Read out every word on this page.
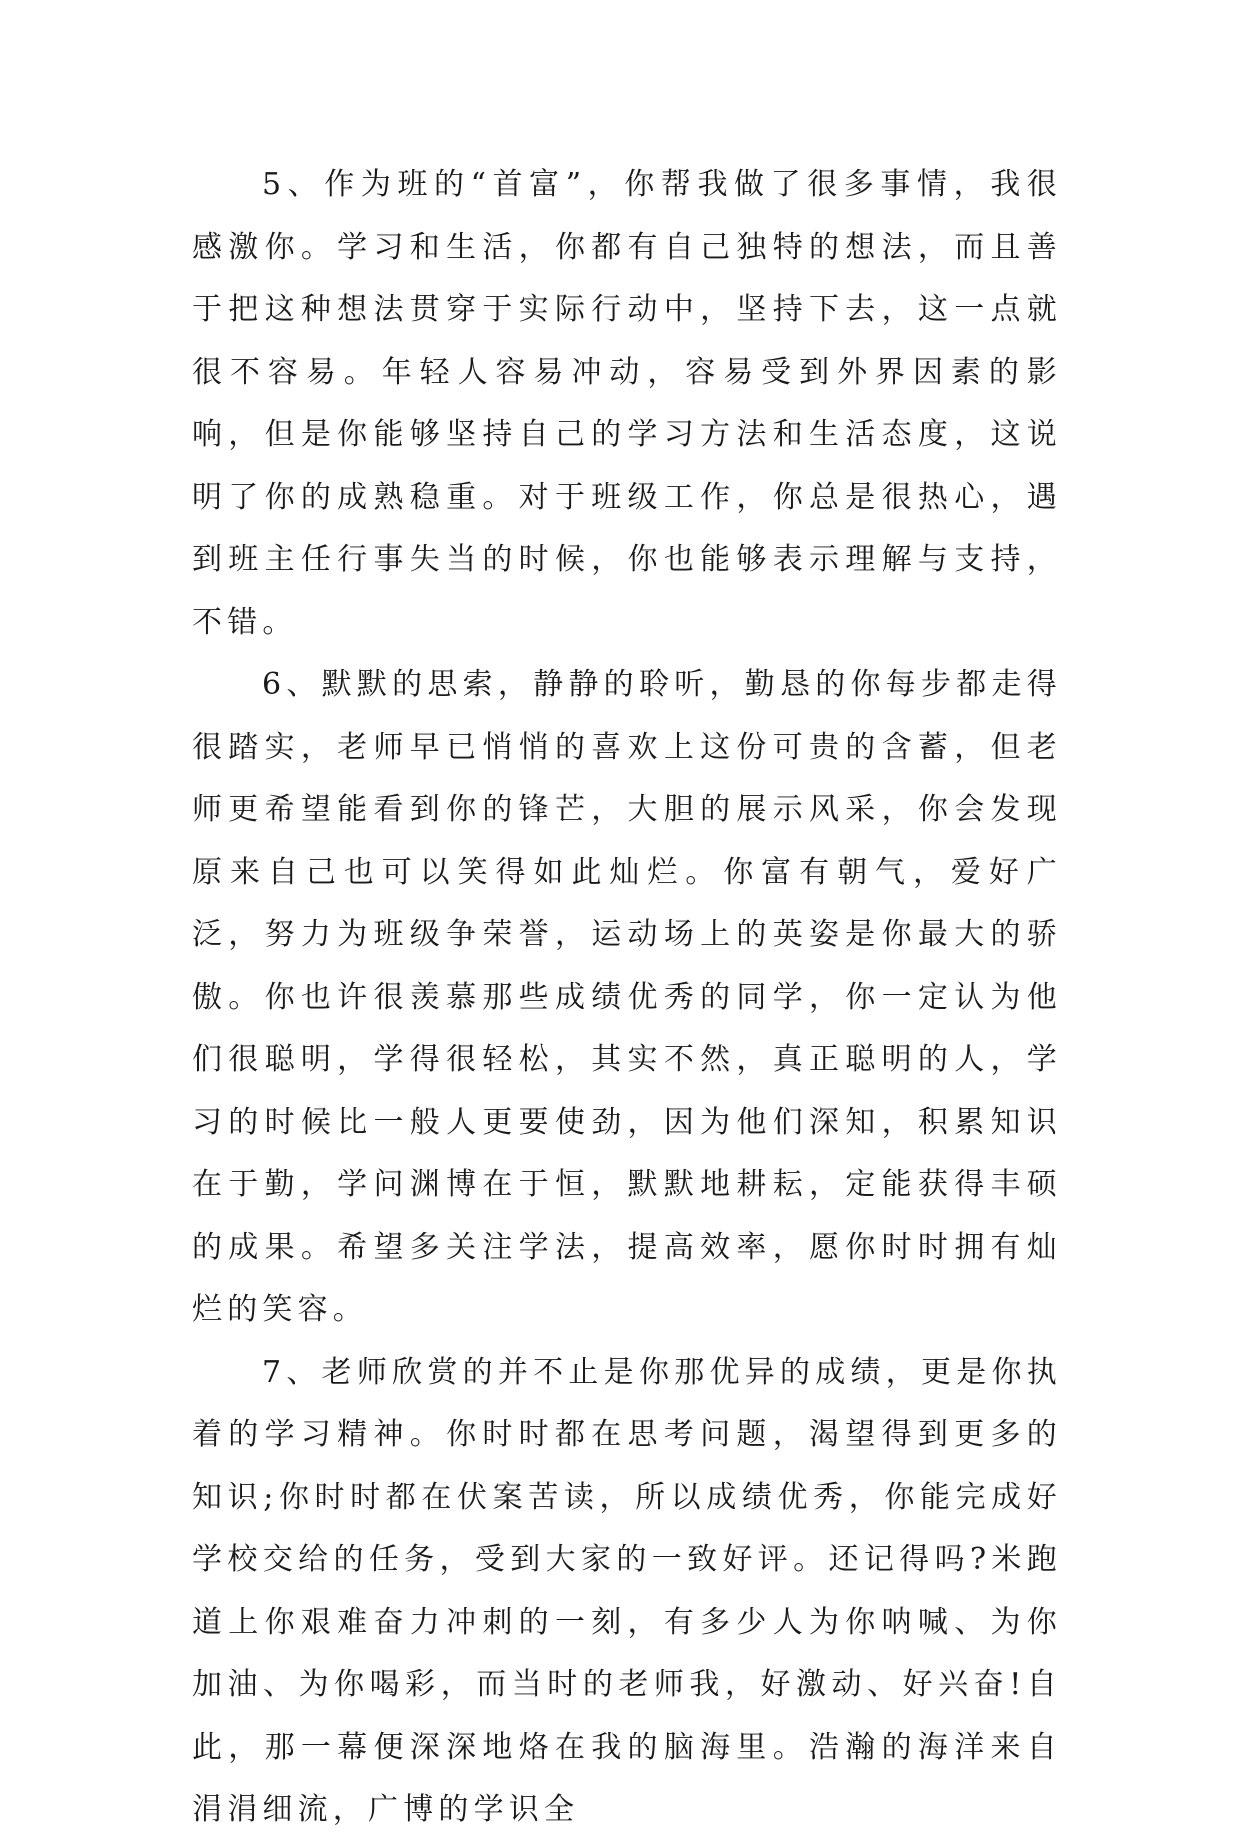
5、作为班的“首富”，你帮我做了很多事情，我很感激你。学习和生活，你都有自己独特的想法，而且善于把这种想法贯穿于实际行动中，坚持下去，这一点就很不容易。年轻人容易冲动，容易受到外界因素的影响，但是你能够坚持自己的学习方法和生活态度，这说明了你的成熟稳重。对于班级工作，你总是很热心，遇到班主任行事失当的时候，你也能够表示理解与支持，不错。

6、默默的思索，静静的聆听，勤恳的你每步都走得很踏实，老师早已悄悄的喜欢上这份可贵的含蓄，但老师更希望能看到你的锋芒，大胆的展示风采，你会发现原来自己也可以笑得如此灿烂。你富有朝气，爱好广泛，努力为班级争荣誉，运动场上的英姿是你最大的骄傲。你也许很羡慕那些成绩优秀的同学，你一定认为他们很聪明，学得很轻松，其实不然，真正聪明的人，学习的时候比一般人更要使劲，因为他们深知，积累知识在于勤，学问渊博在于恒，默默地耕耘，定能获得丰硕的成果。希望多关注学法，提高效率，愿你时时拥有灿烂的笑容。

7、老师欣赏的并不止是你那优异的成绩，更是你执着的学习精神。你时时都在思考问题，渴望得到更多的知识;你时时都在伏案苦读，所以成绩优秀，你能完成好学校交给的任务，受到大家的一致好评。还记得吗?米跑道上你艰难奋力冲刺的一刻，有多少人为你呐喊、为你加油、为你喝彩，而当时的老师我，好激动、好兴奋!自此，那一幕便深深地烙在我的脑海里。浩瀚的海洋来自涓涓细流，广博的学识全
